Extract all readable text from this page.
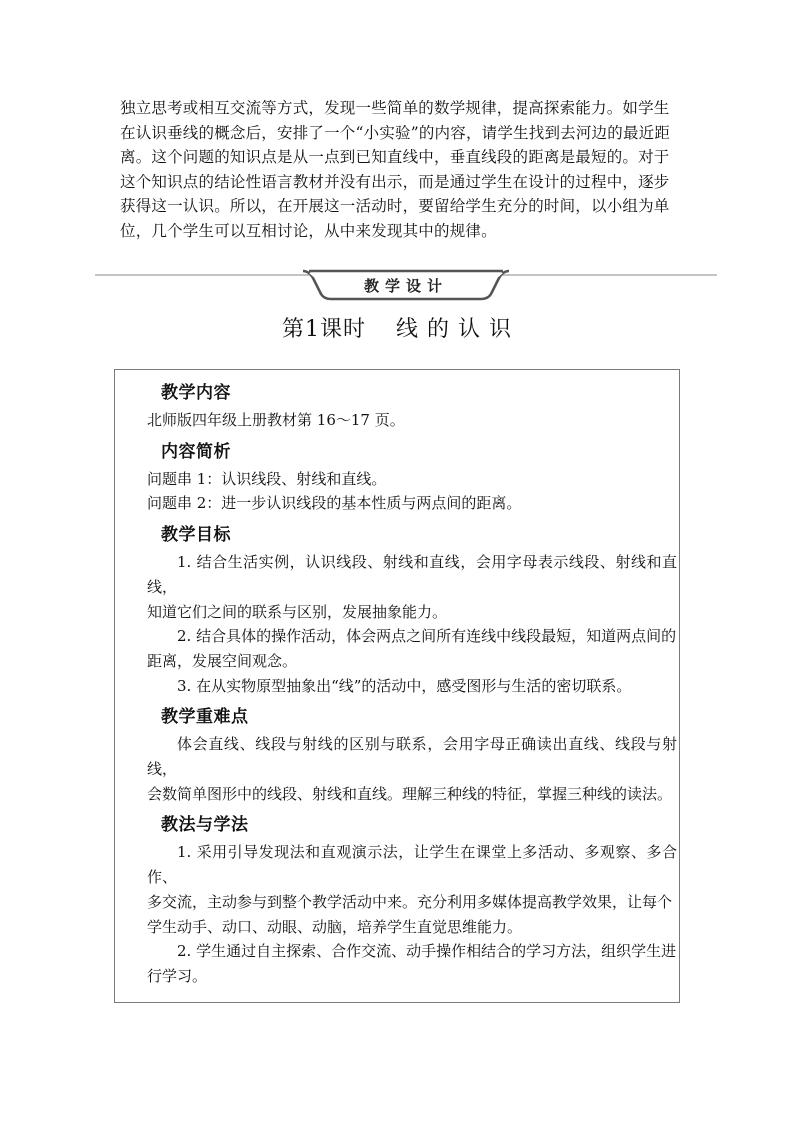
独立思考或相互交流等方式，发现一些简单的数学规律，提高探索能力。如学生

在认识垂线的概念后，安排了一个“小实验”的内容，请学生找到去河边的最近距

离。这个问题的知识点是从一点到已知直线中，垂直线段的距离是最短的。对于

这个知识点的结论性语言教材并没有出示，而是通过学生在设计的过程中，逐步

获得这一认识。所以，在开展这一活动时，要留给学生充分的时间，以小组为单

位，几个学生可以互相讨论，从中来发现其中的规律。

教学设计
第1课时 线 的 认 识
教学内容

北师版四年级上册教材第 16～17 页。

内容简析

问题串 1：认识线段、射线和直线。

问题串 2：进一步认识线段的基本性质与两点间的距离。

教学目标

1. 结合生活实例，认识线段、射线和直线，会用字母表示线段、射线和直线，

知道它们之间的联系与区别，发展抽象能力。

2. 结合具体的操作活动，体会两点之间所有连线中线段最短，知道两点间的

距离，发展空间观念。

3. 在从实物原型抽象出“线”的活动中，感受图形与生活的密切联系。

教学重难点

体会直线、线段与射线的区别与联系，会用字母正确读出直线、线段与射线，

会数简单图形中的线段、射线和直线。理解三种线的特征，掌握三种线的读法。

教法与学法

1. 采用引导发现法和直观演示法，让学生在课堂上多活动、多观察、多合作、

多交流，主动参与到整个教学活动中来。充分利用多媒体提高教学效果，让每个

学生动手、动口、动眼、动脑，培养学生直觉思维能力。

2. 学生通过自主探索、合作交流、动手操作相结合的学习方法，组织学生进

行学习。
